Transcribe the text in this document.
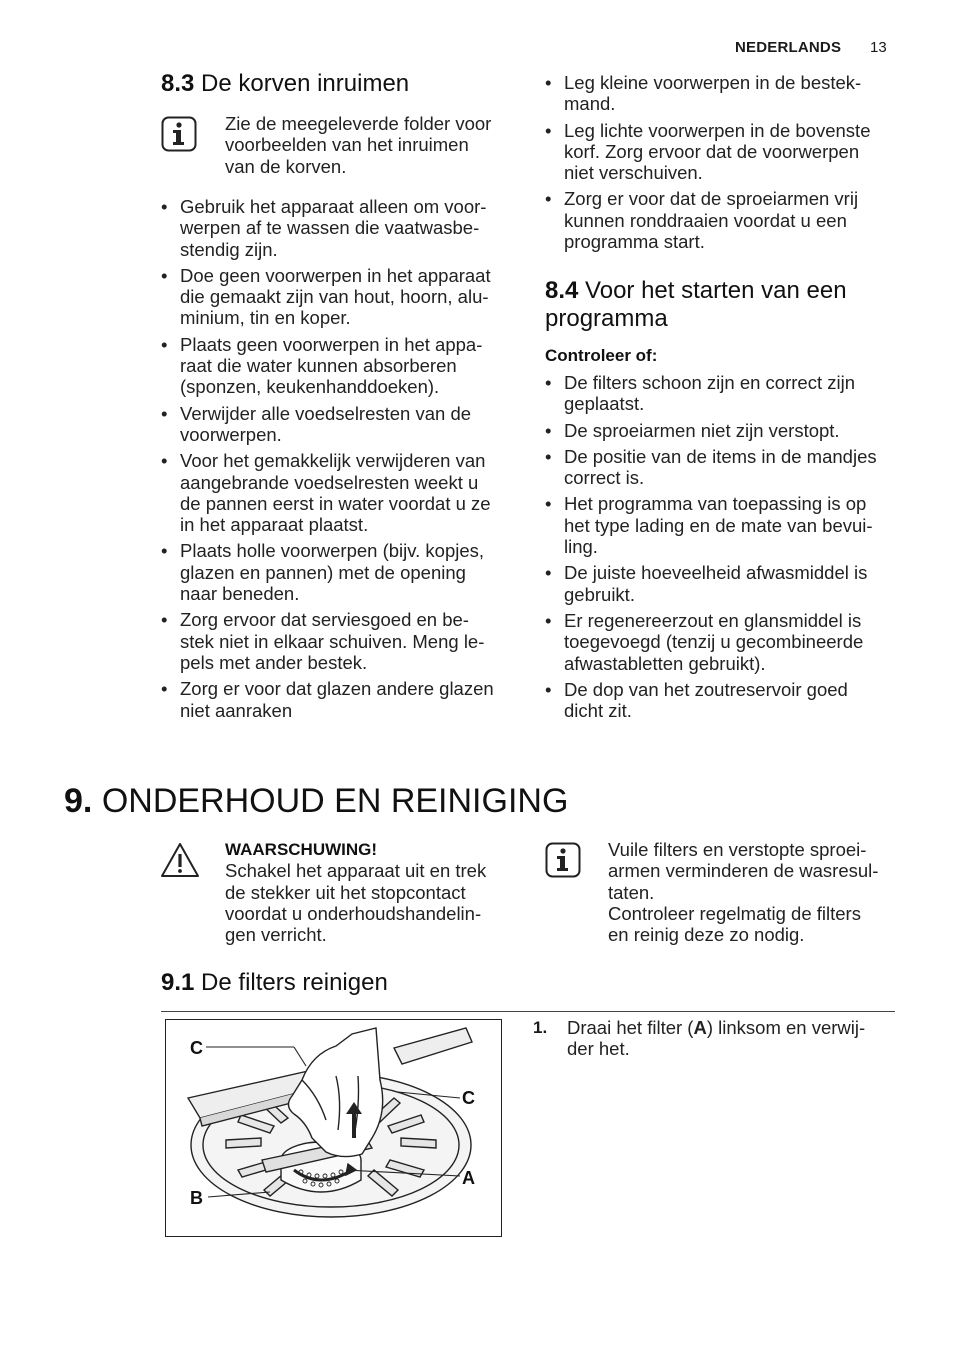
NEDERLANDS 13
8.3 De korven inruimen
Zie de meegeleverde folder voor
voorbeelden van het inruimen
van de korven.
• Gebruik het apparaat alleen om voor-
werpen af te wassen die vaatwasbe-
stendig zijn.
• Doe geen voorwerpen in het apparaat
die gemaakt zijn van hout, hoorn, alu-
minium, tin en koper.
• Plaats geen voorwerpen in het appa-
raat die water kunnen absorberen
(sponzen, keukenhanddoeken).
• Verwijder alle voedselresten van de
voorwerpen.
• Voor het gemakkelijk verwijderen van
aangebrande voedselresten weekt u
de pannen eerst in water voordat u ze
in het apparaat plaatst.
• Plaats holle voorwerpen (bijv. kopjes,
glazen en pannen) met de opening
naar beneden.
• Zorg ervoor dat serviesgoed en be-
stek niet in elkaar schuiven. Meng le-
pels met ander bestek.
• Zorg er voor dat glazen andere glazen
niet aanraken
• Leg kleine voorwerpen in de bestek-
mand.
• Leg lichte voorwerpen in de bovenste
korf. Zorg ervoor dat de voorwerpen
niet verschuiven.
• Zorg er voor dat de sproeiarmen vrij
kunnen ronddraaien voordat u een
programma start.
8.4 Voor het starten van een
programma
Controleer of:
• De filters schoon zijn en correct zijn
geplaatst.
• De sproeiarmen niet zijn verstopt.
• De positie van de items in de mandjes
correct is.
• Het programma van toepassing is op
het type lading en de mate van bevui-
ling.
• De juiste hoeveelheid afwasmiddel is
gebruikt.
• Er regenereerzout en glansmiddel is
toegevoegd (tenzij u gecombineerde
afwastabletten gebruikt).
• De dop van het zoutreservoir goed
dicht zit.
9. ONDERHOUD EN REINIGING
WAARSCHUWING!
Schakel het apparaat uit en trek
de stekker uit het stopcontact
voordat u onderhoudshandelin-
gen verricht.
Vuile filters en verstopte sproei-
armen verminderen de wasresul-
taten.
Controleer regelmatig de filters
en reinig deze zo nodig.
9.1 De filters reinigen
C
C
A
B
1. Draai het filter (A) linksom en verwij-
der het.
